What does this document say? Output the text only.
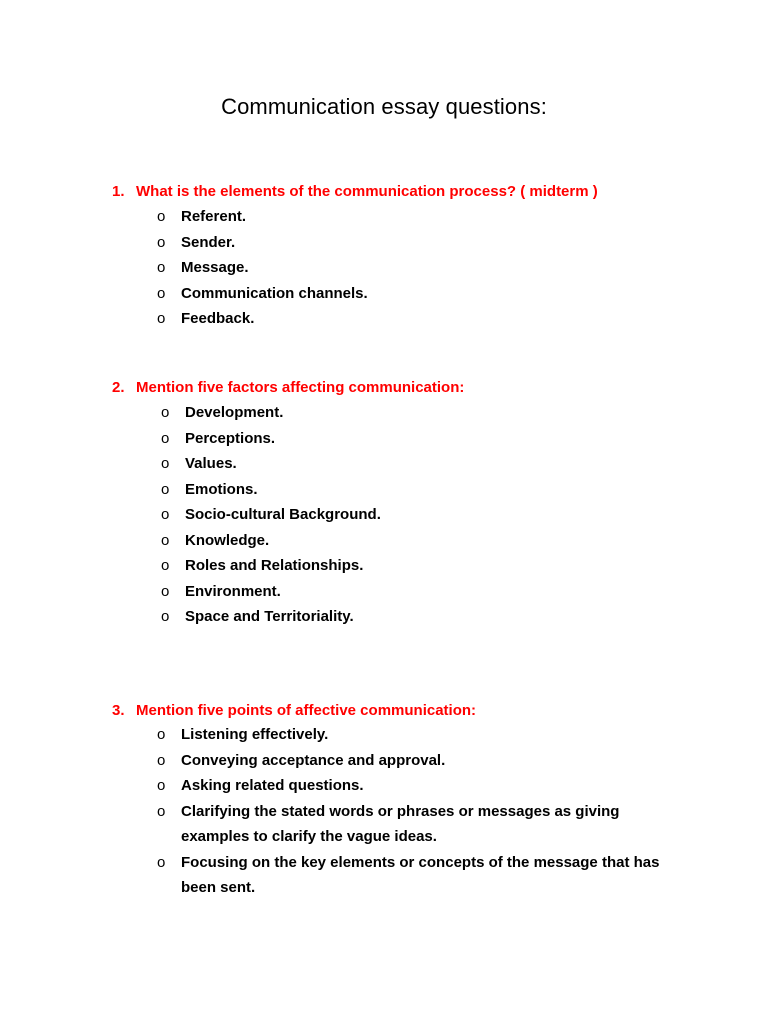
Communication essay questions:
1. What is the elements of the communication process? ( midterm )
o Referent.
o Sender.
o Message.
o Communication channels.
o Feedback.
2. Mention five factors affecting communication:
o Development.
o Perceptions.
o Values.
o Emotions.
o Socio-cultural Background.
o Knowledge.
o Roles and Relationships.
o Environment.
o Space and Territoriality.
3. Mention five points of affective communication:
o Listening effectively.
o Conveying acceptance and approval.
o Asking related questions.
o Clarifying the stated words or phrases or messages as giving examples to clarify the vague ideas.
o Focusing on the key elements or concepts of the message that has been sent.
